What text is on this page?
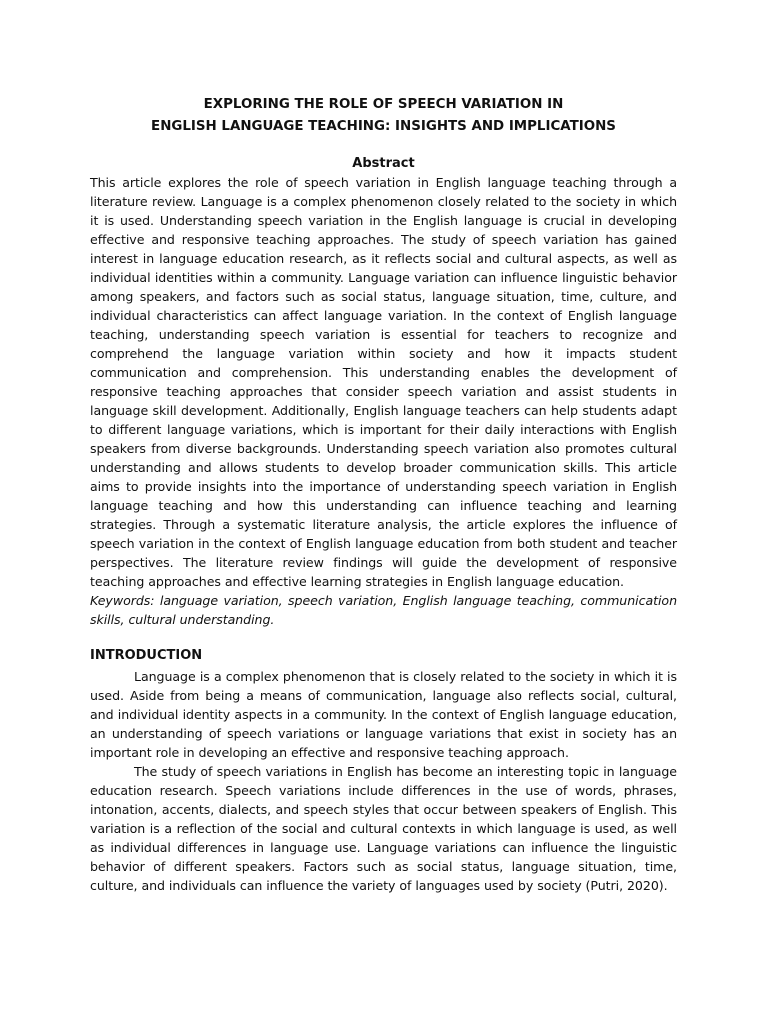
EXPLORING THE ROLE OF SPEECH VARIATION IN
ENGLISH LANGUAGE TEACHING: INSIGHTS AND IMPLICATIONS
Abstract

This article explores the role of speech variation in English language teaching through a literature review. Language is a complex phenomenon closely related to the society in which it is used. Understanding speech variation in the English language is crucial in developing effective and responsive teaching approaches. The study of speech variation has gained interest in language education research, as it reflects social and cultural aspects, as well as individual identities within a community. Language variation can influence linguistic behavior among speakers, and factors such as social status, language situation, time, culture, and individual characteristics can affect language variation. In the context of English language teaching, understanding speech variation is essential for teachers to recognize and comprehend the language variation within society and how it impacts student communication and comprehension. This understanding enables the development of responsive teaching approaches that consider speech variation and assist students in language skill development. Additionally, English language teachers can help students adapt to different language variations, which is important for their daily interactions with English speakers from diverse backgrounds. Understanding speech variation also promotes cultural understanding and allows students to develop broader communication skills. This article aims to provide insights into the importance of understanding speech variation in English language teaching and how this understanding can influence teaching and learning strategies. Through a systematic literature analysis, the article explores the influence of speech variation in the context of English language education from both student and teacher perspectives. The literature review findings will guide the development of responsive teaching approaches and effective learning strategies in English language education.

Keywords: language variation, speech variation, English language teaching, communication skills, cultural understanding.

INTRODUCTION

Language is a complex phenomenon that is closely related to the society in which it is used. Aside from being a means of communication, language also reflects social, cultural, and individual identity aspects in a community. In the context of English language education, an understanding of speech variations or language variations that exist in society has an important role in developing an effective and responsive teaching approach.

The study of speech variations in English has become an interesting topic in language education research. Speech variations include differences in the use of words, phrases, intonation, accents, dialects, and speech styles that occur between speakers of English. This variation is a reflection of the social and cultural contexts in which language is used, as well as individual differences in language use. Language variations can influence the linguistic behavior of different speakers. Factors such as social status, language situation, time, culture, and individuals can influence the variety of languages used by society (Putri, 2020).
